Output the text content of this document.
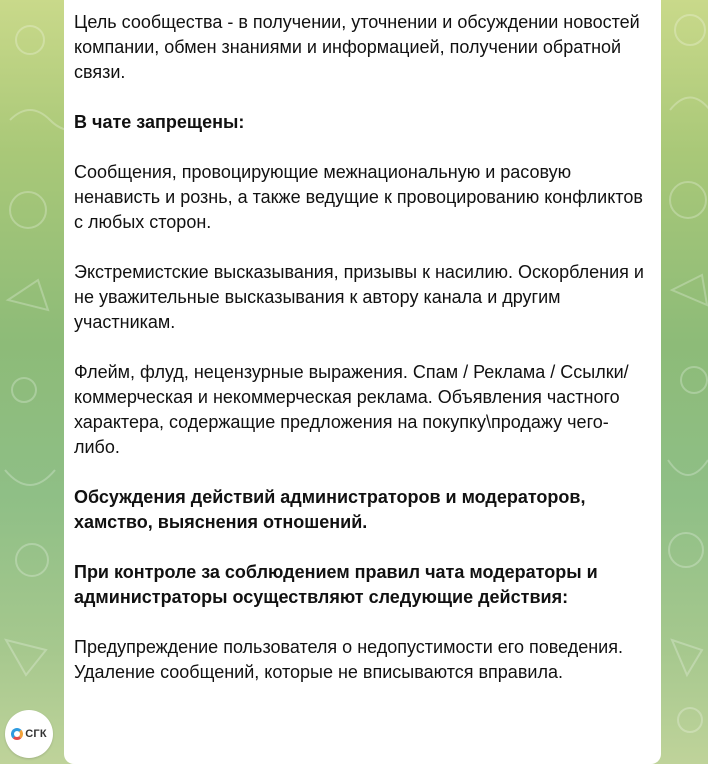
Цель сообщества - в получении, уточнении и обсуждении новостей компании, обмен знаниями и информацией, получении обратной связи.

В чате запрещены:

Сообщения, провоцирующие межнациональную и расовую ненависть и рознь, а также ведущие к провоцированию конфликтов с любых сторон.

Экстремистские высказывания, призывы к насилию. Оскорбления и не уважительные высказывания к автору канала и другим участникам.

Флейм, флуд, нецензурные выражения. Спам / Реклама / Ссылки/коммерческая и некоммерческая реклама. Объявления частного характера, содержащие предложения на покупку\продажу чего-либо.

Обсуждения действий администраторов и модераторов, хамство, выяснения отношений.

При контроле за соблюдением правил чата модераторы и администраторы осуществляют следующие действия:

Предупреждение пользователя о недопустимости его поведения. Удаление сообщений, которые не вписываются вправила.

СГК
